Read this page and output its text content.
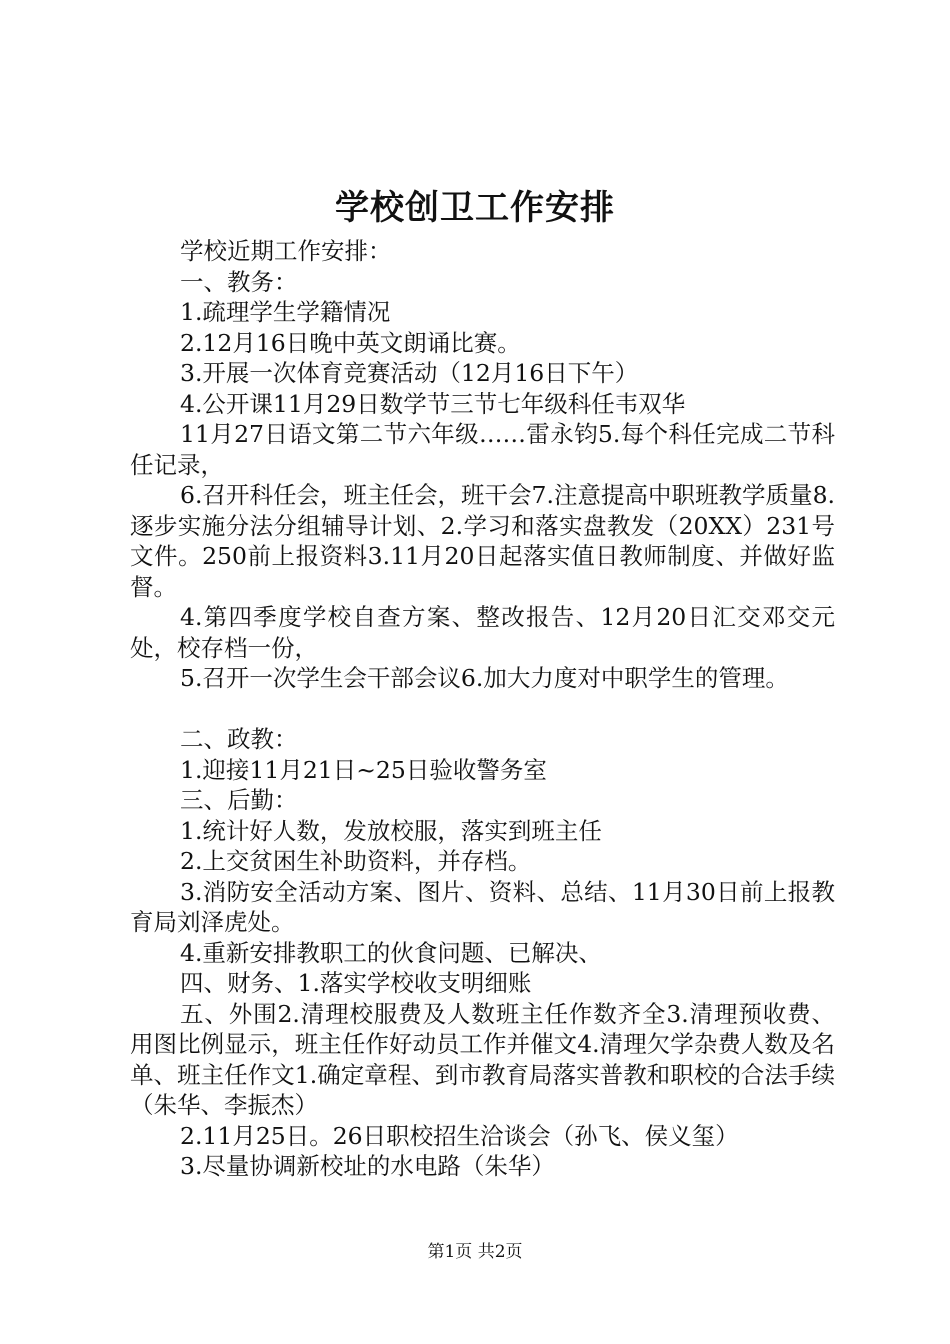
学校创卫工作安排

学校近期工作安排：

一、教务：

1.疏理学生学籍情况

2.12月16日晚中英文朗诵比赛。

3.开展一次体育竞赛活动（12月16日下午）

4.公开课11月29日数学节三节七年级科任韦双华

11月27日语文第二节六年级……雷永钧5.每个科任完成二节科任记录，

6.召开科任会，班主任会，班干会7.注意提高中职班教学质量8.逐步实施分法分组辅导计划、2.学习和落实盘教发（20XX）231号文件。250前上报资料3.11月20日起落实值日教师制度、并做好监督。

4.第四季度学校自查方案、整改报告、12月20日汇交邓交元处，校存档一份，

5.召开一次学生会干部会议6.加大力度对中职学生的管理。

二、政教：

1.迎接11月21日~25日验收警务室

三、后勤：

1.统计好人数，发放校服，落实到班主任

2.上交贫困生补助资料，并存档。

3.消防安全活动方案、图片、资料、总结、11月30日前上报教育局刘泽虎处。

4.重新安排教职工的伙食问题、已解决、

四、财务、1.落实学校收支明细账

五、外围2.清理校服费及人数班主任作数齐全3.清理预收费、用图比例显示，班主任作好动员工作并催文4.清理欠学杂费人数及名单、班主任作文1.确定章程、到市教育局落实普教和职校的合法手续（朱华、李振杰）

2.11月25日。26日职校招生洽谈会（孙飞、侯义玺）

3.尽量协调新校址的水电路（朱华）

第1页 共2页
